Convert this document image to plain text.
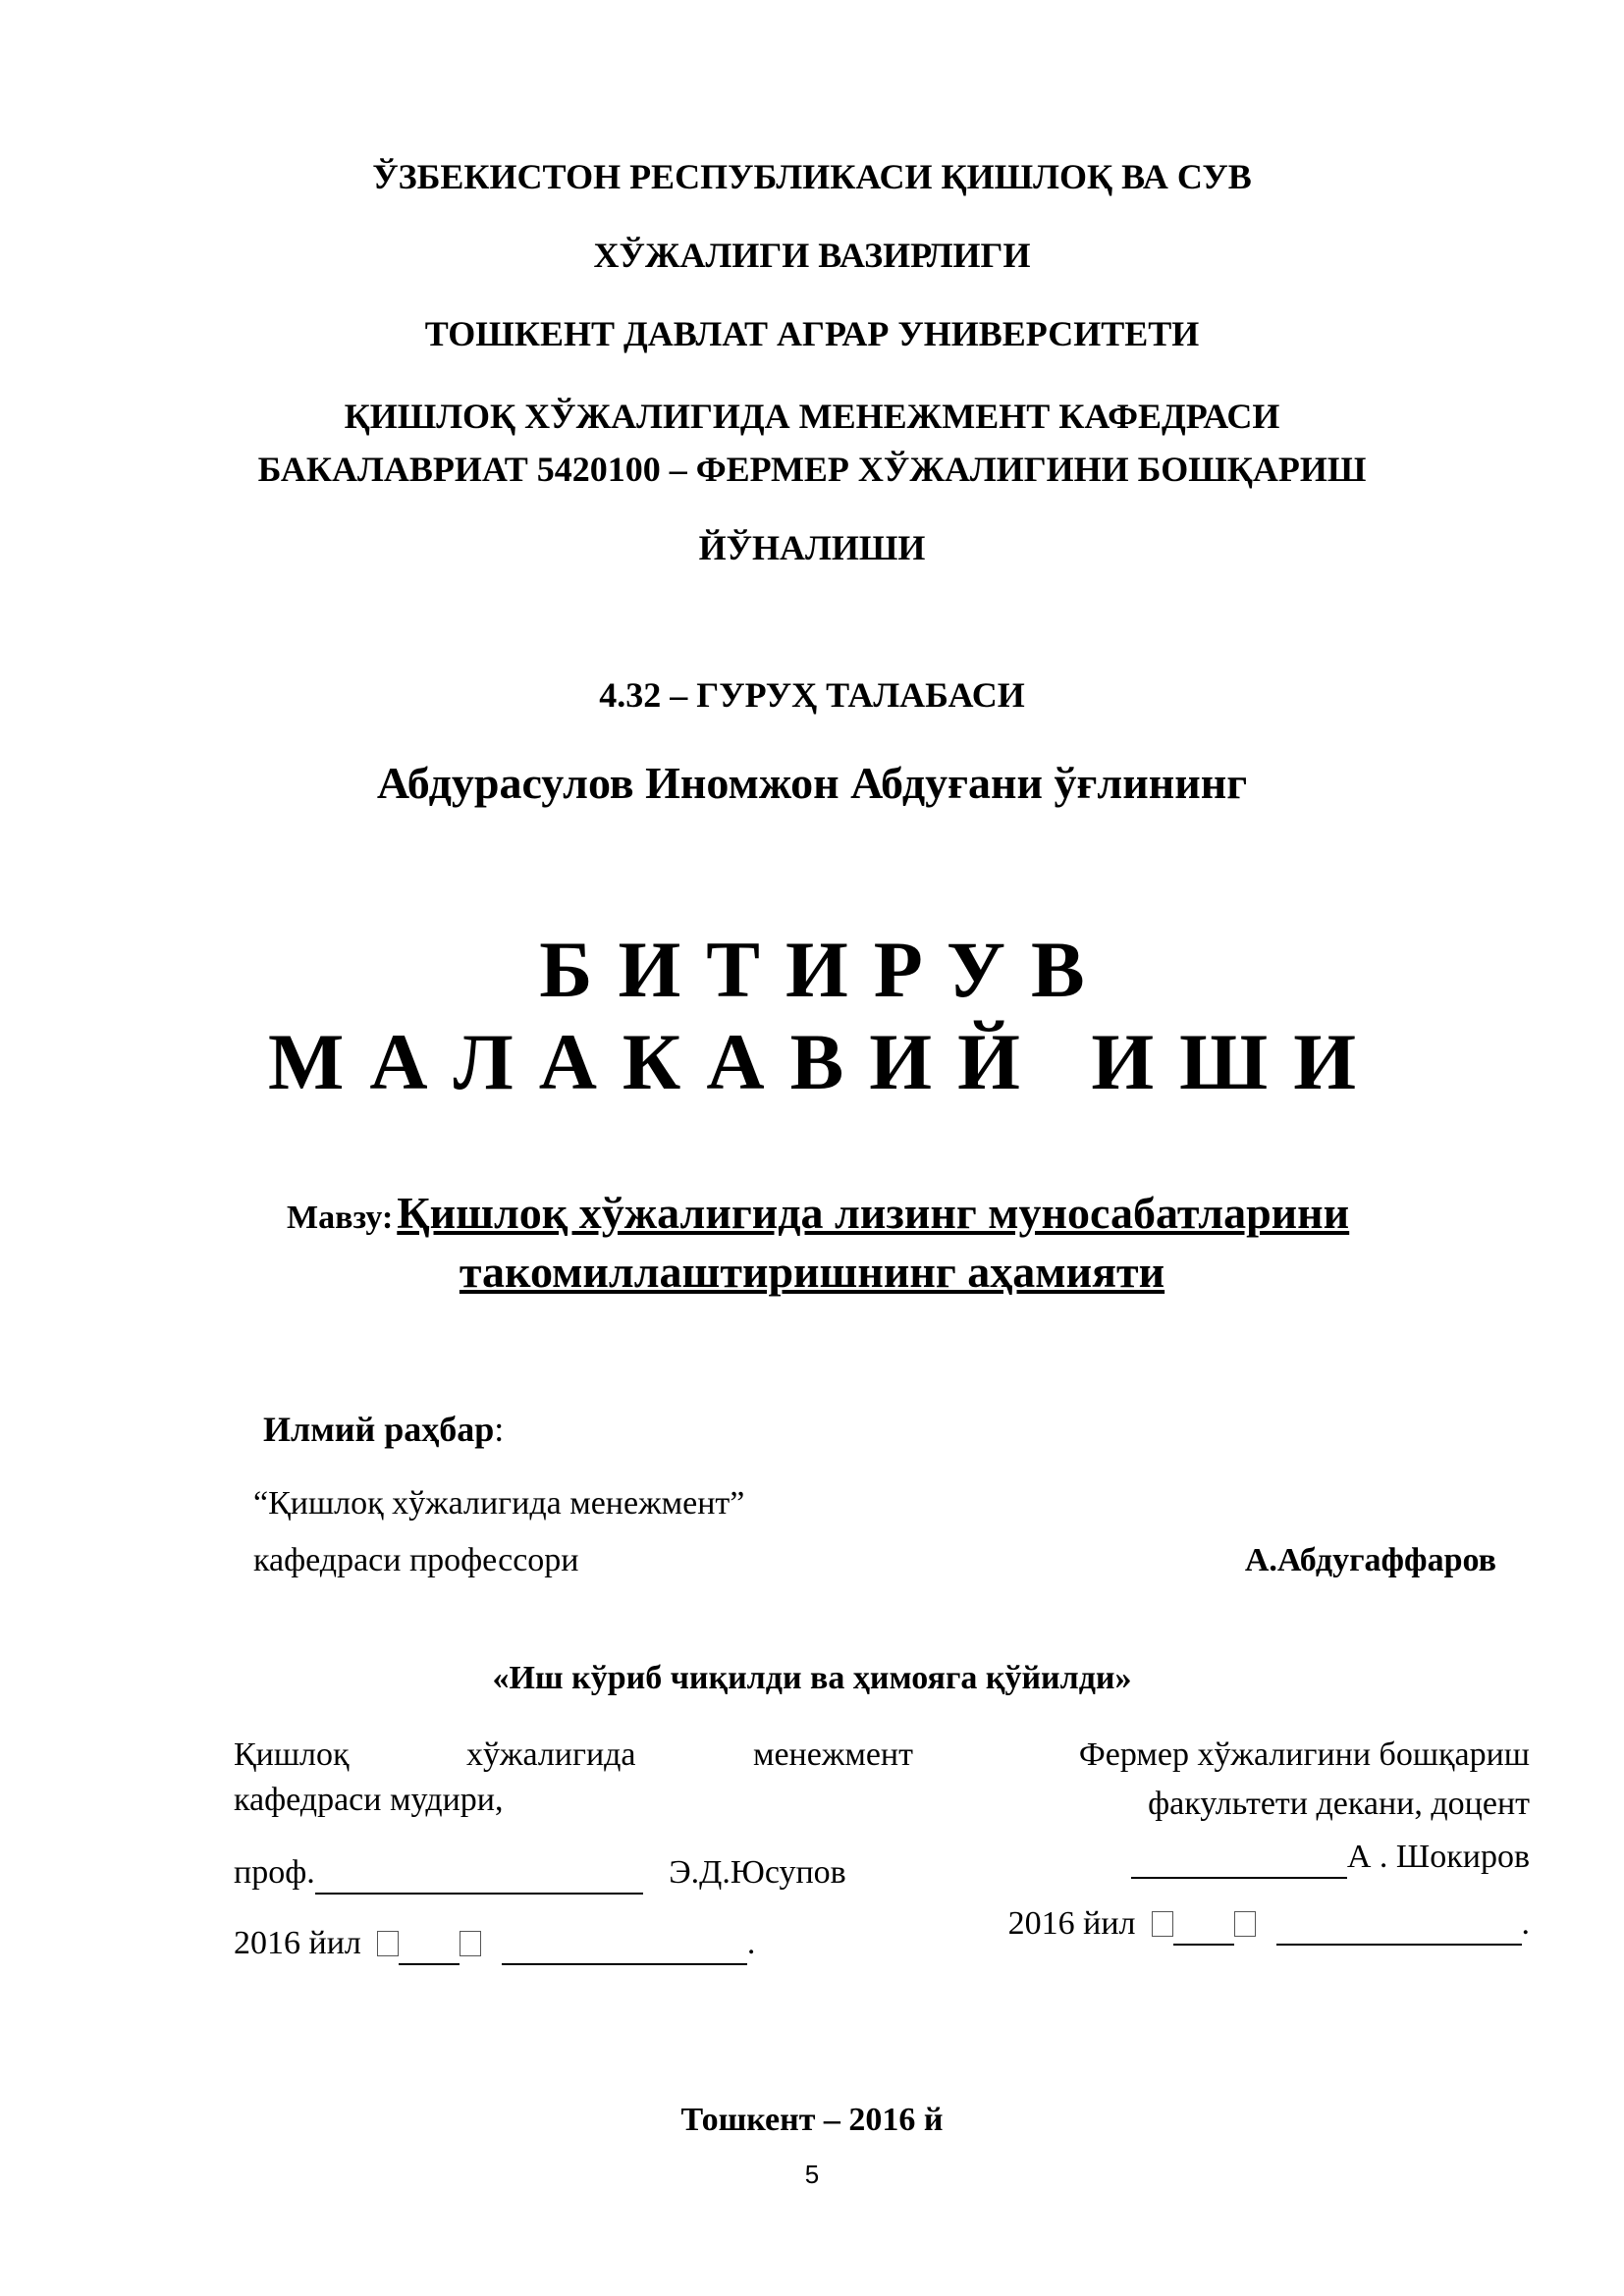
ЎЗБЕКИСТОН РЕСПУБЛИКАСИ ҚИШЛОҚ ВА СУВ
ХЎЖАЛИГИ ВАЗИРЛИГИ
ТОШКЕНТ ДАВЛАТ АГРАР УНИВЕРСИТЕТИ
ҚИШЛОҚ ХЎЖАЛИГИДА МЕНЕЖМЕНТ КАФЕДРАСИ
БАКАЛАВРИАТ 5420100 – ФЕРМЕР ХЎЖАЛИГИНИ БОШҚАРИШ
ЙЎНАЛИШИ
4.32 – ГУРУҲ ТАЛАБАСИ
Абдурасулов Иномжон Абдуғани ўғлининг
БИТИРУВ
МАЛАКАВИЙ ИШИ
Мавзу: Қишлоқ хўжалигида лизинг муносабатларини
такомиллаштиришнинг аҳамияти
Илмий раҳбар:
“Қишлоқ хўжалигида менежмент”
кафедраси профессори	А.Абдугаффаров
«Иш кўриб чиқилди ва ҳимояга қўйилди»
Қишлоқ	хўжалигида	менежмент
кафедраси мудири,
проф.	Э.Д.Юсупов
2016 йил	.
Фермер хўжалигини бошқариш
факультети декани, доцент
А . Шокиров
2016 йил	.
Тошкент – 2016 й
5
